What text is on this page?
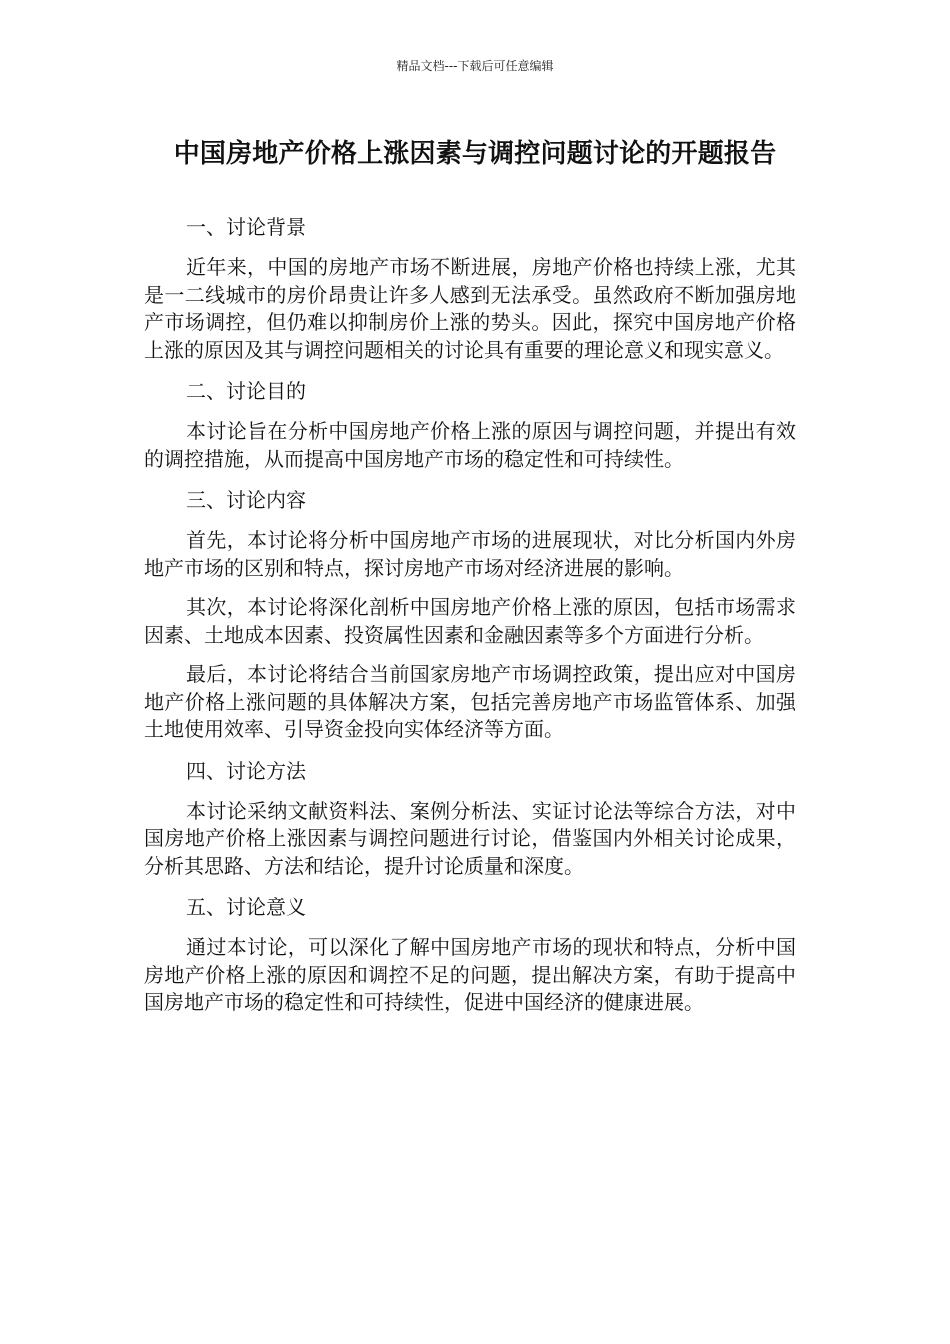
精品文档---下载后可任意编辑
中国房地产价格上涨因素与调控问题讨论的开题报告
一、讨论背景

近年来，中国的房地产市场不断进展，房地产价格也持续上涨，尤其是一二线城市的房价昂贵让许多人感到无法承受。虽然政府不断加强房地产市场调控，但仍难以抑制房价上涨的势头。因此，探究中国房地产价格上涨的原因及其与调控问题相关的讨论具有重要的理论意义和现实意义。

二、讨论目的

本讨论旨在分析中国房地产价格上涨的原因与调控问题，并提出有效的调控措施，从而提高中国房地产市场的稳定性和可持续性。

三、讨论内容

首先，本讨论将分析中国房地产市场的进展现状，对比分析国内外房地产市场的区别和特点，探讨房地产市场对经济进展的影响。

其次，本讨论将深化剖析中国房地产价格上涨的原因，包括市场需求因素、土地成本因素、投资属性因素和金融因素等多个方面进行分析。

最后，本讨论将结合当前国家房地产市场调控政策，提出应对中国房地产价格上涨问题的具体解决方案，包括完善房地产市场监管体系、加强土地使用效率、引导资金投向实体经济等方面。

四、讨论方法

本讨论采纳文献资料法、案例分析法、实证讨论法等综合方法，对中国房地产价格上涨因素与调控问题进行讨论，借鉴国内外相关讨论成果，分析其思路、方法和结论，提升讨论质量和深度。

五、讨论意义

通过本讨论，可以深化了解中国房地产市场的现状和特点，分析中国房地产价格上涨的原因和调控不足的问题，提出解决方案，有助于提高中国房地产市场的稳定性和可持续性，促进中国经济的健康进展。
